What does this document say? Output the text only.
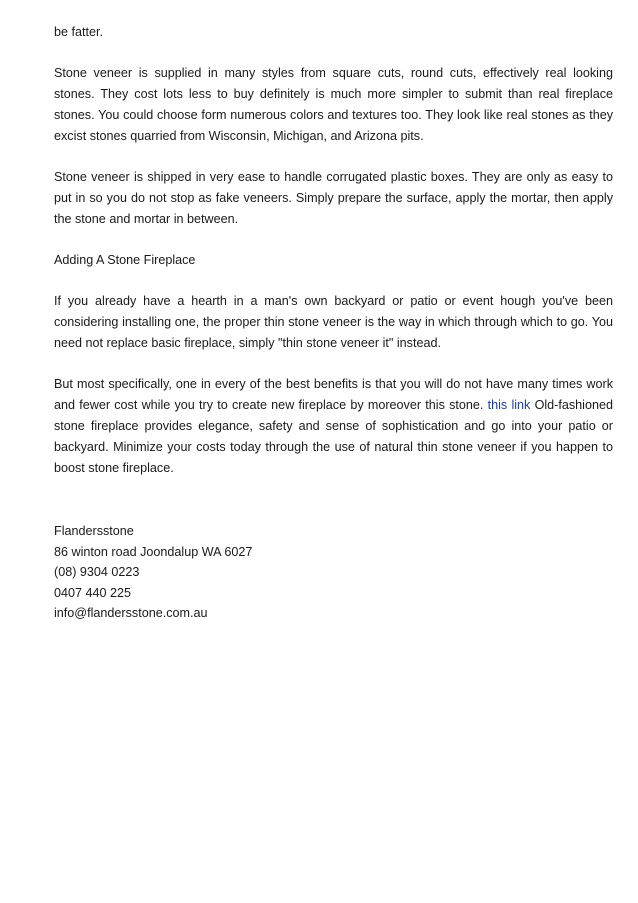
be fatter.

Stone veneer is supplied in many styles from square cuts, round cuts, effectively real looking stones. They cost lots less to buy definitely is much more simpler to submit than real fireplace stones. You could choose form numerous colors and textures too. They look like real stones as they excist stones quarried from Wisconsin, Michigan, and Arizona pits.

Stone veneer is shipped in very ease to handle corrugated plastic boxes. They are only as easy to put in so you do not stop as fake veneers. Simply prepare the surface, apply the mortar, then apply the stone and mortar in between.

Adding A Stone Fireplace

If you already have a hearth in a man's own backyard or patio or event hough you've been considering installing one, the proper thin stone veneer is the way in which through which to go. You need not replace basic fireplace, simply "thin stone veneer it" instead.

But most specifically, one in every of the best benefits is that you will do not have many times work and fewer cost while you try to create new fireplace by moreover this stone. this link Old-fashioned stone fireplace provides elegance, safety and sense of sophistication and go into your patio or backyard. Minimize your costs today through the use of natural thin stone veneer if you happen to boost stone fireplace.

Flandersstone
86 winton road Joondalup WA 6027
(08) 9304 0223
0407 440 225
info@flandersstone.com.au
